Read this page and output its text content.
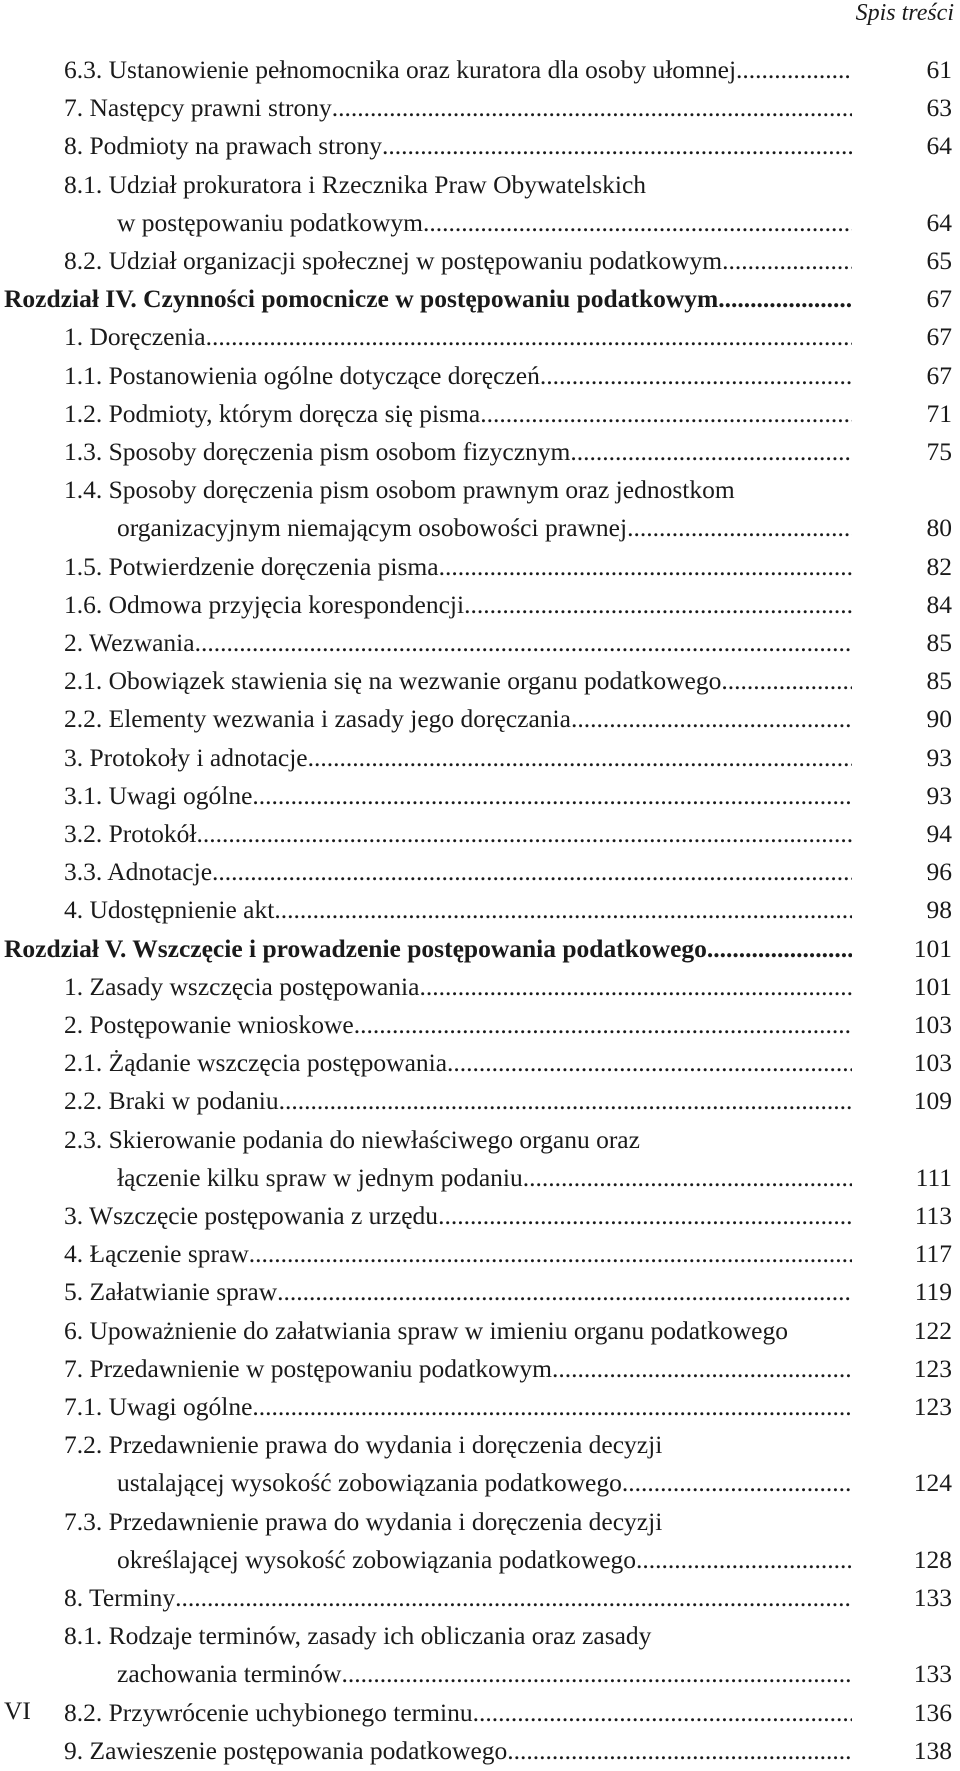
Spis treści
6.3. Ustanowienie pełnomocnika oraz kuratora dla osoby ułomnej .....	61
7. Następcy prawni strony .....	63
8. Podmioty na prawach strony .....	64
8.1. Udział prokuratora i Rzecznika Praw Obywatelskich
w postępowaniu podatkowym .....	64
8.2. Udział organizacji społecznej w postępowaniu podatkowym .....	65
Rozdział IV. Czynności pomocnicze w postępowaniu podatkowym .....	67
1. Doręczenia .....	67
1.1. Postanowienia ogólne dotyczące doręczeń .....	67
1.2. Podmioty, którym doręcza się pisma .....	71
1.3. Sposoby doręczenia pism osobom fizycznym .....	75
1.4. Sposoby doręczenia pism osobom prawnym oraz jednostkom
organizacyjnym niemającym osobowości prawnej .....	80
1.5. Potwierdzenie doręczenia pisma .....	82
1.6. Odmowa przyjęcia korespondencji .....	84
2. Wezwania .....	85
2.1. Obowiązek stawienia się na wezwanie organu podatkowego .....	85
2.2. Elementy wezwania i zasady jego doręczania .....	90
3. Protokoły i adnotacje .....	93
3.1. Uwagi ogólne .....	93
3.2. Protokół .....	94
3.3. Adnotacje .....	96
4. Udostępnienie akt .....	98
Rozdział V. Wszczęcie i prowadzenie postępowania podatkowego .....	101
1. Zasady wszczęcia postępowania .....	101
2. Postępowanie wnioskowe .....	103
2.1. Żądanie wszczęcia postępowania .....	103
2.2. Braki w podaniu .....	109
2.3. Skierowanie podania do niewłaściwego organu oraz
łączenie kilku spraw w jednym podaniu .....	111
3. Wszczęcie postępowania z urzędu .....	113
4. Łączenie spraw .....	117
5. Załatwianie spraw .....	119
6. Upoważnienie do załatwiania spraw w imieniu organu podatkowego	122
7. Przedawnienie w postępowaniu podatkowym .....	123
7.1. Uwagi ogólne .....	123
7.2. Przedawnienie prawa do wydania i doręczenia decyzji
ustalającej wysokość zobowiązania podatkowego .....	124
7.3. Przedawnienie prawa do wydania i doręczenia decyzji
określającej wysokość zobowiązania podatkowego .....	128
8. Terminy .....	133
8.1. Rodzaje terminów, zasady ich obliczania oraz zasady
zachowania terminów .....	133
8.2. Przywrócenie uchybionego terminu .....	136
9. Zawieszenie postępowania podatkowego .....	138
VI
